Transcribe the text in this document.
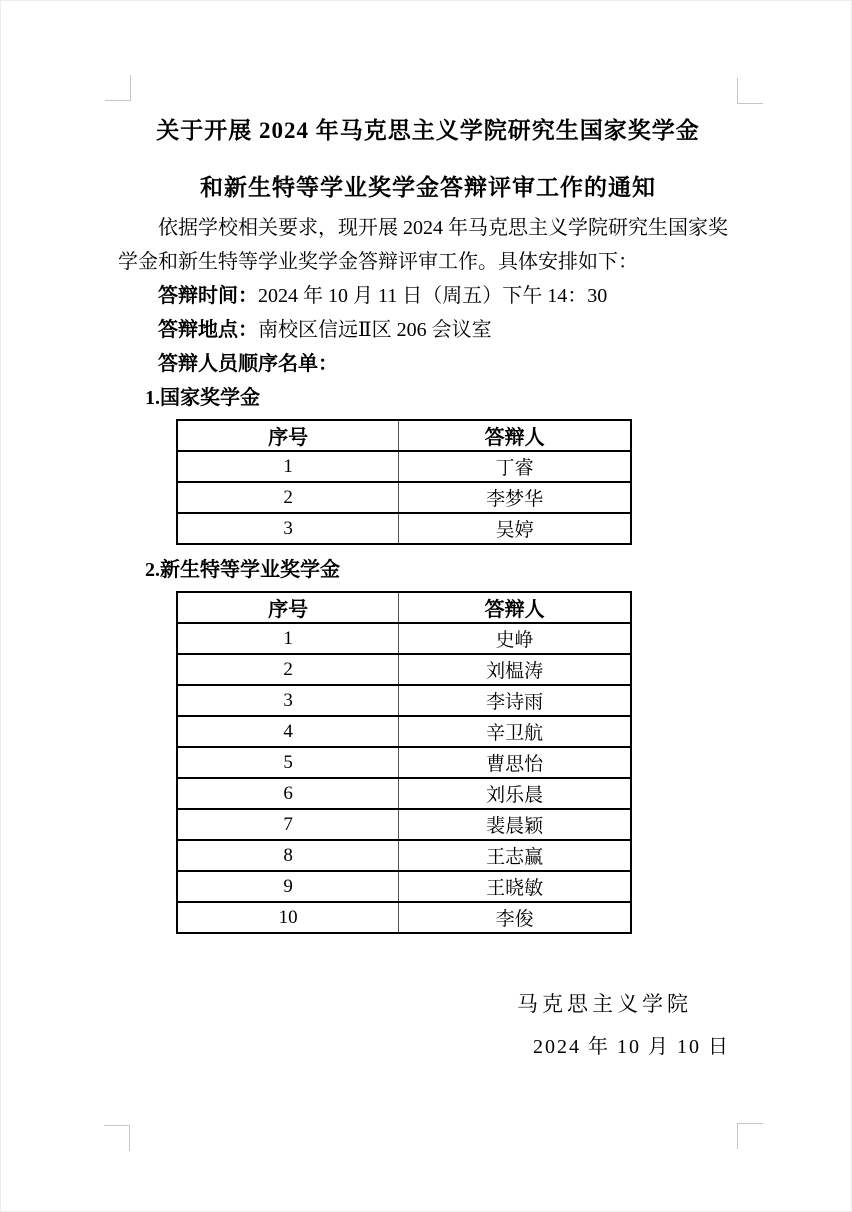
关于开展 2024 年马克思主义学院研究生国家奖学金
和新生特等学业奖学金答辩评审工作的通知

依据学校相关要求，现开展 2024 年马克思主义学院研究生国家奖学金和新生特等学业奖学金答辩评审工作。具体安排如下：

答辩时间：2024 年 10 月 11 日（周五）下午 14：30

答辩地点：南校区信远Ⅱ区 206 会议室

答辩人员顺序名单：

1.国家奖学金
序号	答辩人
1	丁睿
2	李梦华
3	吴婷
2.新生特等学业奖学金
序号	答辩人
1	史峥
2	刘榅涛
3	李诗雨
4	辛卫航
5	曹思怡
6	刘乐晨
7	裴晨颖
8	王志赢
9	王晓敏
10	李俊
马克思主义学院
2024 年 10 月 10 日
